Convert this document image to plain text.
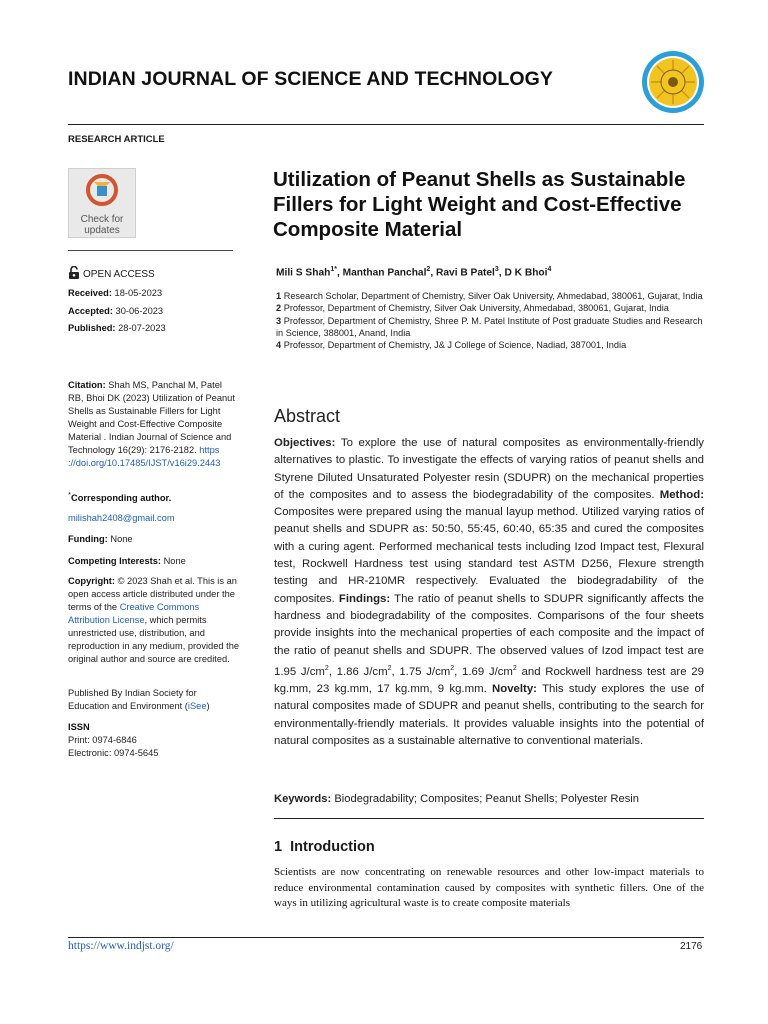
INDIAN JOURNAL OF SCIENCE AND TECHNOLOGY
RESEARCH ARTICLE
Check for
updates
OPEN ACCESS
Received: 18-05-2023
Accepted: 30-06-2023
Published: 28-07-2023
Citation: Shah MS, Panchal M, Patel RB, Bhoi DK (2023) Utilization of Peanut Shells as Sustainable Fillers for Light Weight and Cost-Effective Composite Material . Indian Journal of Science and Technology 16(29): 2176-2182. https ://doi.org/10.17485/IJST/v16i29.2443
*Corresponding author.
milishah2408@gmail.com
Funding: None
Competing Interests: None
Copyright: © 2023 Shah et al. This is an open access article distributed under the terms of the Creative Commons Attribution License, which permits unrestricted use, distribution, and reproduction in any medium, provided the original author and source are credited.
Published By Indian Society for Education and Environment (iSee)
ISSN
Print: 0974-6846
Electronic: 0974-5645
Utilization of Peanut Shells as Sustainable Fillers for Light Weight and Cost-Effective Composite Material
Mili S Shah$^{1*}$, Manthan Panchal$^2$, Ravi B Patel$^3$, D K Bhoi$^4$

1 Research Scholar, Department of Chemistry, Silver Oak University, Ahmedabad, 380061, Gujarat, India

2 Professor, Department of Chemistry, Silver Oak University, Ahmedabad, 380061, Gujarat, India

3 Professor, Department of Chemistry, Shree P. M. Patel Institute of Post graduate Studies and Research in Science, 388001, Anand, India

4 Professor, Department of Chemistry, J& J College of Science, Nadiad, 387001, India

Abstract
Objectives: To explore the use of natural composites as environmentally-friendly alternatives to plastic. To investigate the effects of varying ratios of peanut shells and Styrene Diluted Unsaturated Polyester resin (SDUPR) on the mechanical properties of the composites and to assess the biodegradability of the composites. Method: Composites were prepared using the manual layup method. Utilized varying ratios of peanut shells and SDUPR as: 50:50, 55:45, 60:40, 65:35 and cured the composites with a curing agent. Performed mechanical tests including Izod Impact test, Flexural test, Rockwell Hardness test using standard test ASTM D256, Flexure strength testing and HR-210MR respectively. Evaluated the biodegradability of the composites. Findings: The ratio of peanut shells to SDUPR significantly affects the hardness and biodegradability of the composites. Comparisons of the four sheets provide insights into the mechanical properties of each composite and the impact of the ratio of peanut shells and SDUPR. The observed values of Izod impact test are 1.95 $J/cm^2$, 1.86 $J/cm^2$, 1.75 $J/cm^2$, 1.69 $J/cm^2$ and Rockwell hardness test are 29 kg.mm, 23 kg.mm, 17 kg.mm, 9 kg.mm. Novelty: This study explores the use of natural composites made of SDUPR and peanut shells, contributing to the search for environmentally-friendly materials. It provides valuable insights into the potential of natural composites as a sustainable alternative to conventional materials.
Keywords: Biodegradability; Composites; Peanut Shells; Polyester Resin
1 Introduction
Scientists are now concentrating on renewable resources and other low-impact materials to reduce environmental contamination caused by composites with synthetic fillers. One of the ways in utilizing agricultural waste is to create composite materials
https://www.indjst.org/	2176
